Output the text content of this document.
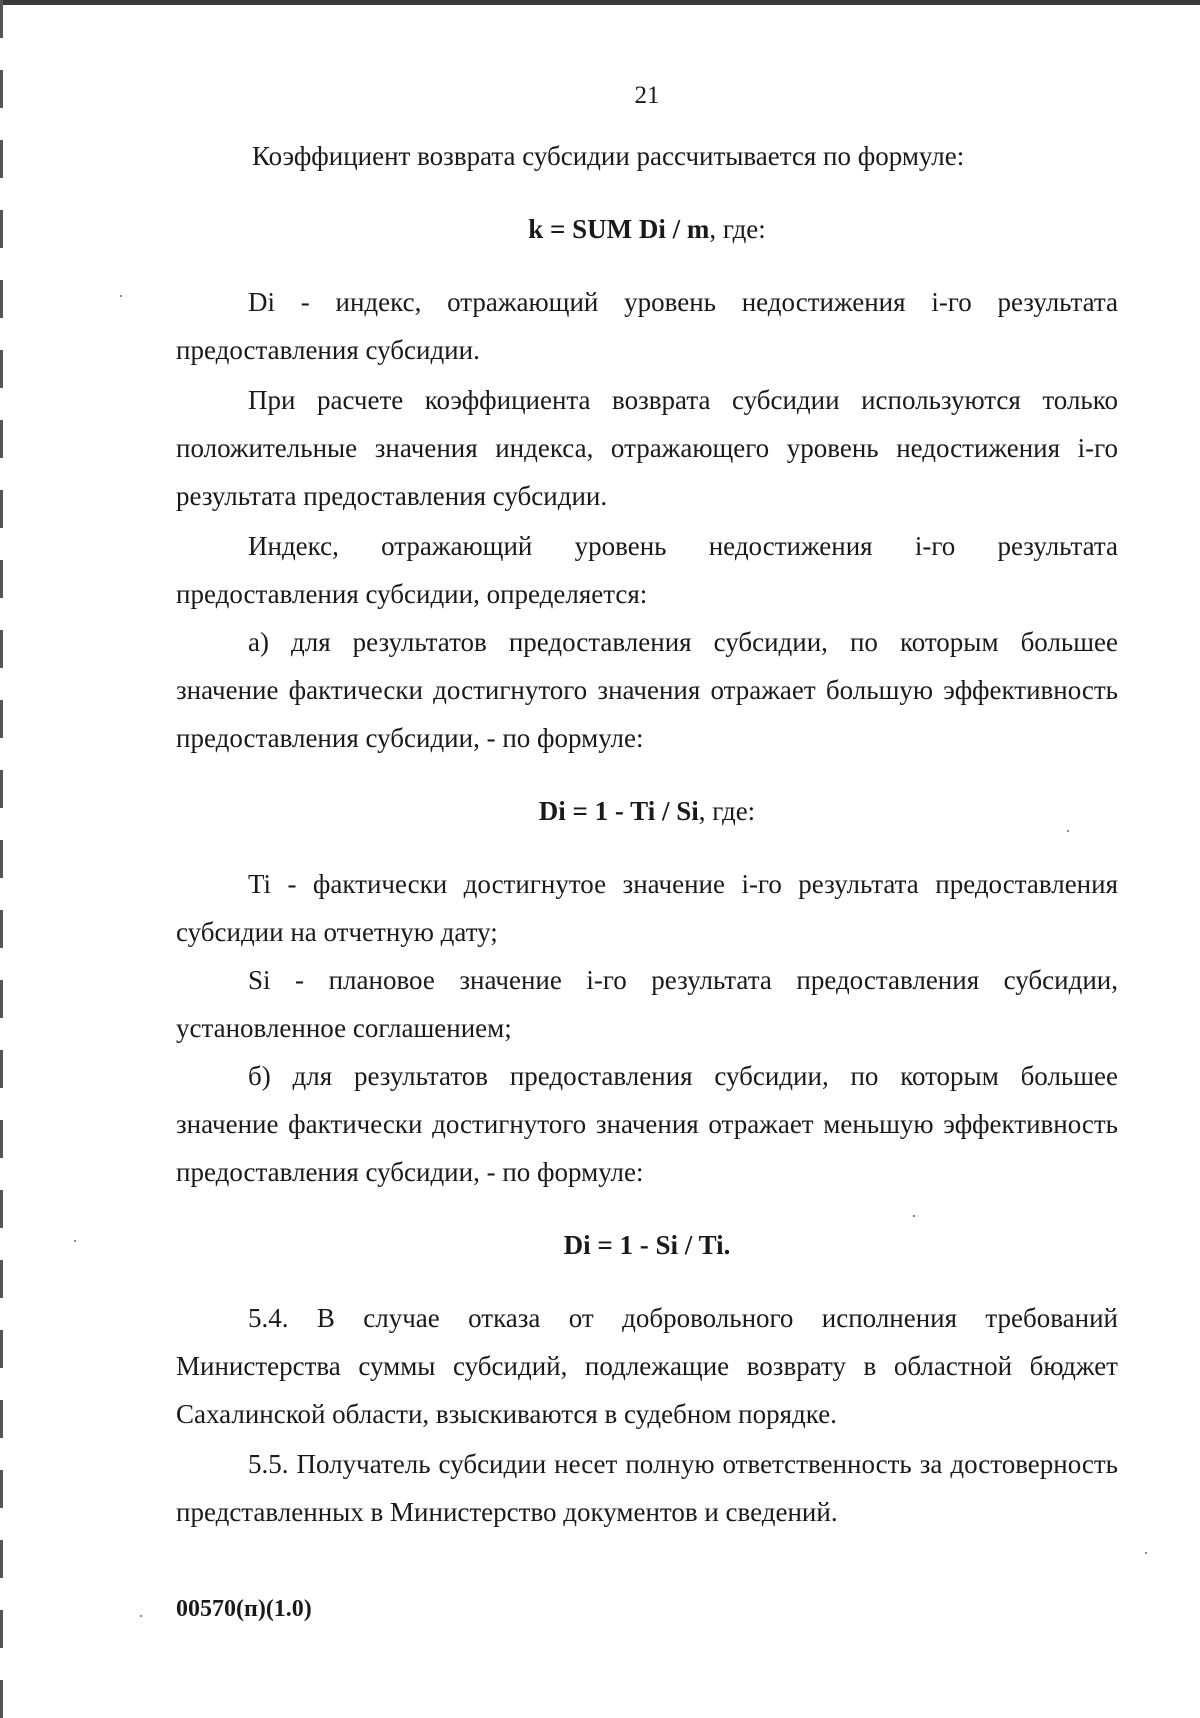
21

Коэффициент возврата субсидии рассчитывается по формуле:

k = SUM Di / m, где:

Di - индекс, отражающий уровень недостижения i-го результата предоставления субсидии.

При расчете коэффициента возврата субсидии используются только положительные значения индекса, отражающего уровень недостижения i-го результата предоставления субсидии.

Индекс, отражающий уровень недостижения i-го результата предоставления субсидии, определяется:

а) для результатов предоставления субсидии, по которым большее значение фактически достигнутого значения отражает большую эффективность предоставления субсидии, - по формуле:

Di = 1 - Ti / Si, где:

Ti - фактически достигнутое значение i-го результата предоставления субсидии на отчетную дату;

Si - плановое значение i-го результата предоставления субсидии, установленное соглашением;

б) для результатов предоставления субсидии, по которым большее значение фактически достигнутого значения отражает меньшую эффективность предоставления субсидии, - по формуле:

Di = 1 - Si / Ti.

5.4. В случае отказа от добровольного исполнения требований Министерства суммы субсидий, подлежащие возврату в областной бюджет Сахалинской области, взыскиваются в судебном порядке.

5.5. Получатель субсидии несет полную ответственность за достоверность представленных в Министерство документов и сведений.

00570(п)(1.0)
